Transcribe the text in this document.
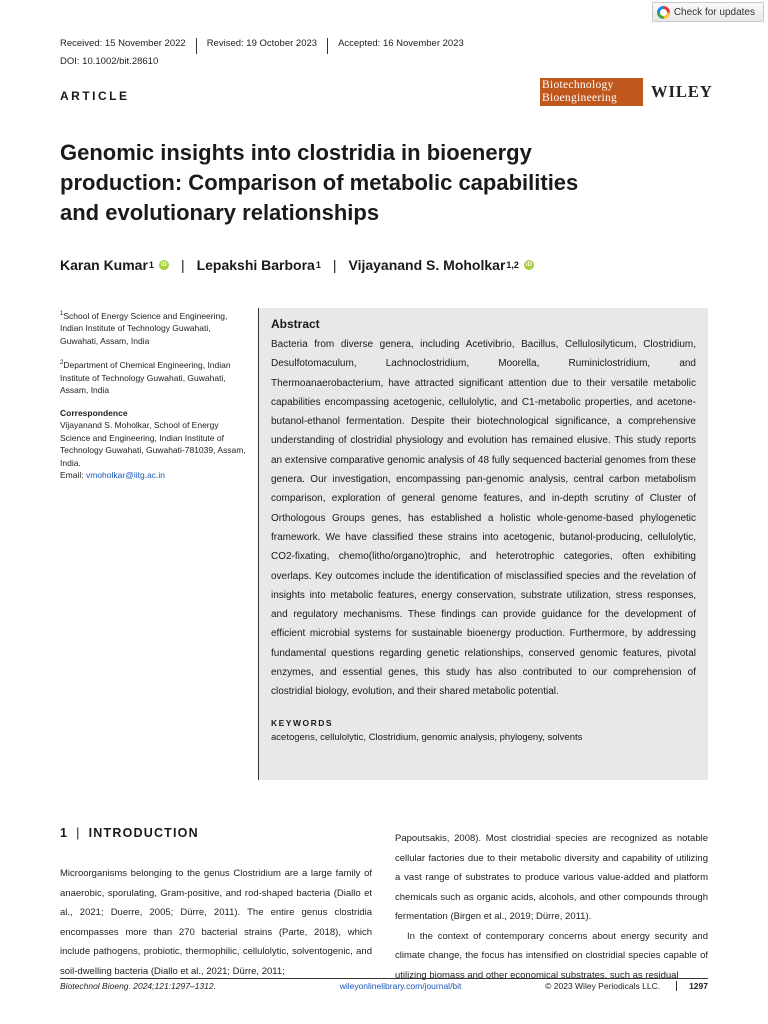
Check for updates
Received: 15 November 2022	Revised: 19 October 2023	Accepted: 16 November 2023
DOI: 10.1002/bit.28610
ARTICLE
Biotechnology
Bioengineering	WILEY
Genomic insights into clostridia in bioenergy production: Comparison of metabolic capabilities and evolutionary relationships
Karan Kumar 1	iD | Lepakshi Barbora 1 | Vijayanand S. Moholkar 1,2	iD

$^1$School of Energy Science and Engineering, Indian Institute of Technology Guwahati, Guwahati, Assam, India

$^2$Department of Chemical Engineering, Indian Institute of Technology Guwahati, Guwahati, Assam, India

Correspondence

Vijayanand S. Moholkar, School of Energy Science and Engineering, Indian Institute of Technology Guwahati, Guwahati-781039, Assam, India.
Email: vmoholkar@iitg.ac.in

Abstract
Bacteria from diverse genera, including Acetivibrio, Bacillus, Cellulosilyticum, Clostridium, Desulfotomaculum, Lachnoclostridium, Moorella, Ruminiclostridium, and Thermoanaerobacterium, have attracted significant attention due to their versatile metabolic capabilities encompassing acetogenic, cellulolytic, and C1-metabolic properties, and acetone-butanol-ethanol fermentation. Despite their biotechnological significance, a comprehensive understanding of clostridial physiology and evolution has remained elusive. This study reports an extensive comparative genomic analysis of 48 fully sequenced bacterial genomes from these genera. Our investigation, encompassing pan-genomic analysis, central carbon metabolism comparison, exploration of general genome features, and in-depth scrutiny of Cluster of Orthologous Groups genes, has established a holistic whole-genome-based phylogenetic framework. We have classified these strains into acetogenic, butanol-producing, cellulolytic, CO2-fixating, chemo(litho/organo)trophic, and heterotrophic categories, often exhibiting overlaps. Key outcomes include the identification of misclassified species and the revelation of insights into metabolic features, energy conservation, substrate utilization, stress responses, and regulatory mechanisms. These findings can provide guidance for the development of efficient microbial systems for sustainable bioenergy production. Furthermore, by addressing fundamental questions regarding genetic relationships, conserved genomic features, pivotal enzymes, and essential genes, this study has also contributed to our comprehension of clostridial biology, evolution, and their shared metabolic potential.
KEYWORDS
acetogens, cellulolytic, Clostridium, genomic analysis, phylogeny, solvents
1 | INTRODUCTION

Microorganisms belonging to the genus Clostridium are a large family of anaerobic, sporulating, Gram-positive, and rod-shaped bacteria (Diallo et al., 2021; Duerre, 2005; Dürre, 2011). The entire genus clostridia encompasses more than 270 bacterial strains (Parte, 2018), which include pathogens, probiotic, thermophilic, cellulolytic, solventogenic, and soil-dwelling bacteria (Diallo et al., 2021; Dürre, 2011;

Papoutsakis, 2008). Most clostridial species are recognized as notable cellular factories due to their metabolic diversity and capability of utilizing a vast range of substrates to produce various value-added and platform chemicals such as organic acids, alcohols, and other compounds through fermentation (Birgen et al., 2019; Dürre, 2011).

In the context of contemporary concerns about energy security and climate change, the focus has intensified on clostridial species capable of utilizing biomass and other economical substrates, such as residual

Biotechnol Bioeng. 2024;121:1297–1312.	wileyonlinelibrary.com/journal/bit	© 2023 Wiley Periodicals LLC.	1297
